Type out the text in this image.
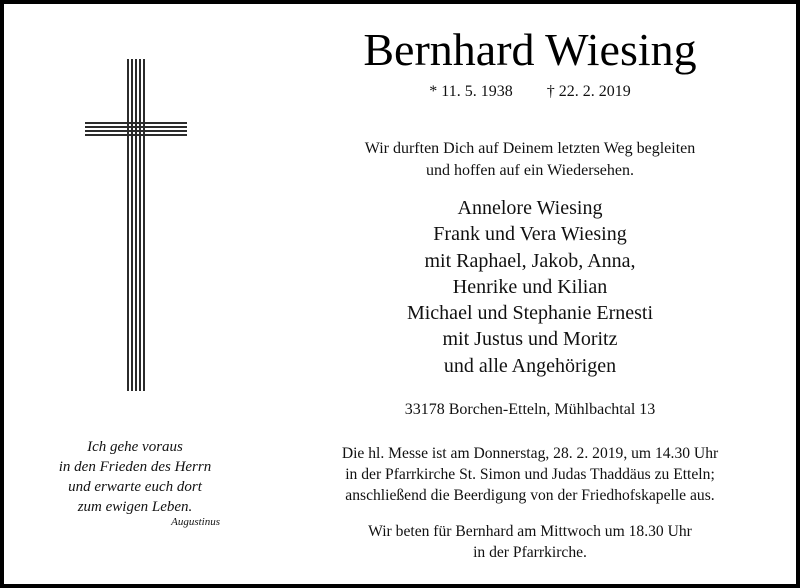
Bernhard Wiesing
* 11. 5. 1938 † 22. 2. 2019
Wir durften Dich auf Deinem letzten Weg begleiten
und hoffen auf ein Wiedersehen.
Annelore Wiesing
Frank und Vera Wiesing
mit Raphael, Jakob, Anna,
Henrike und Kilian
Michael und Stephanie Ernesti
mit Justus und Moritz
und alle Angehörigen
33178 Borchen-Etteln, Mühlbachtal 13
Die hl. Messe ist am Donnerstag, 28. 2. 2019, um 14.30 Uhr
in der Pfarrkirche St. Simon und Judas Thaddäus zu Etteln;
anschließend die Beerdigung von der Friedhofskapelle aus.
Wir beten für Bernhard am Mittwoch um 18.30 Uhr
in der Pfarrkirche.
Ich gehe voraus
in den Frieden des Herrn
und erwarte euch dort
zum ewigen Leben.
Augustinus
